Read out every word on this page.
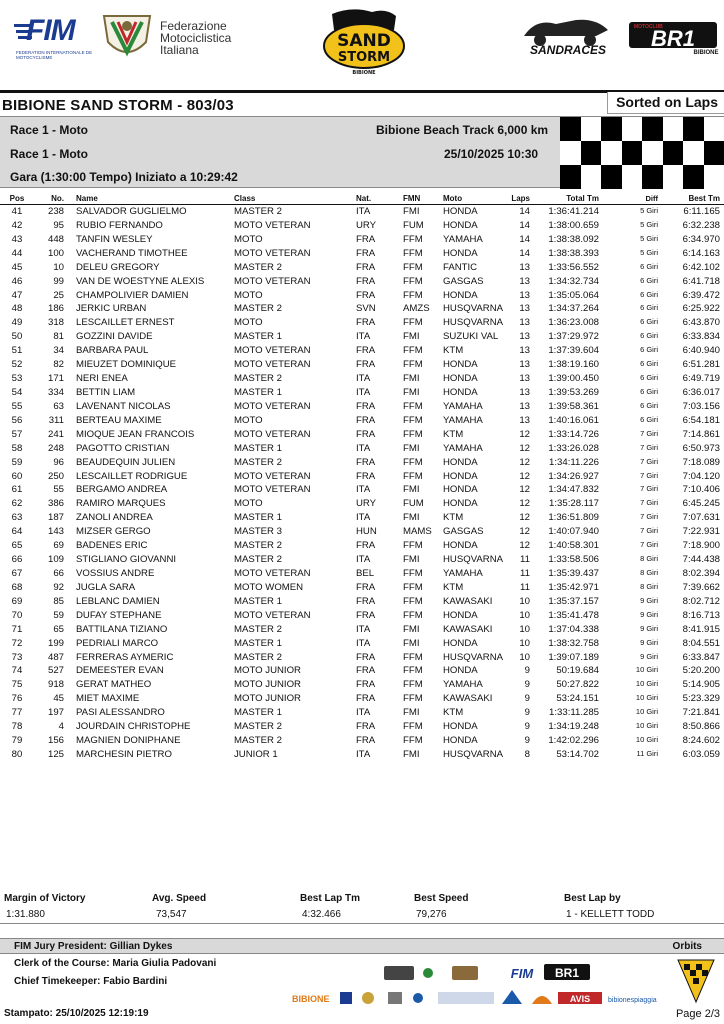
FIM
FEDERATION INTERNATIONALE DE MOTOCYCLISME
Federazione
Motociclistica
Italiana	SAND
STORM
BIBIONE
SANDRACES
MOTOCLUB
BR1
BIBIONE
BIBIONE SAND STORM - 803/03	Sorted on Laps
Race 1 - Moto
Race 1 - Moto
Gara (1:30:00 Tempo) Iniziato a 10:29:42
Bibione Beach Track 6,000 km
25/10/2025 10:30
Pos	No. Name	Class	Nat.	FMN	Moto	Laps	Total Tm	Diff	Best Tm
41	238 SALVADOR GUGLIELMO	MASTER 2	ITA	FMI HONDA	14	1:36:41.214	5 Giri	6:11.165
42	95 RUBIO FERNANDO	MOTO VETERAN	URY	FUM HONDA	14	1:38:00.659	5 Giri	6:32.238
43	448 TANFIN WESLEY	MOTO	FRA	FFM YAMAHA	14	1:38:38.092	5 Giri	6:34.970
44	100 VACHERAND TIMOTHEE	MOTO VETERAN	FRA	FFM HONDA	14	1:38:38.393	5 Giri	6:14.163
45	10 DELEU GREGORY	MASTER 2	FRA	FFM FANTIC	13	1:33:56.552	6 Giri	6:42.102
46	99 VAN DE WOESTYNE ALEXIS	MOTO VETERAN	FRA	FFM GASGAS	13	1:34:32.734	6 Giri	6:41.718
47	25 CHAMPOLIVIER DAMIEN	MOTO	FRA	FFM HONDA	13	1:35:05.064	6 Giri	6:39.472
48	186 JERKIC URBAN	MASTER 2	SVN	AMZS HUSQVARNA	13	1:34:37.264	6 Giri	6:25.922
49	318 LESCAILLET ERNEST	MOTO	FRA	FFM HUSQVARNA	13	1:36:23.008	6 Giri	6:43.870
50	81 GOZZINI DAVIDE	MASTER 1	ITA	FMI SUZUKI VAL	13	1:37:29.972	6 Giri	6:33.834
51	34 BARBARA PAUL	MOTO VETERAN	FRA	FFM KTM	13	1:37:39.604	6 Giri	6:40.940
52	82 MIEUZET DOMINIQUE	MOTO VETERAN	FRA	FFM HONDA	13	1:38:19.160	6 Giri	6:51.281
53	171 NERI ENEA	MASTER 2	ITA	FMI HONDA	13	1:39:00.450	6 Giri	6:49.719
54	334 BETTIN LIAM	MASTER 1	ITA	FMI HONDA	13	1:39:53.269	6 Giri	6:36.017
55	63 LAVENANT NICOLAS	MOTO VETERAN	FRA	FFM YAMAHA	13	1:39:58.361	6 Giri	7:03.156
56	311 BERTEAU MAXIME	MOTO	FRA	FFM YAMAHA	13	1:40:16.061	6 Giri	6:54.181
57	241 MIOQUE JEAN FRANCOIS	MOTO VETERAN	FRA	FFM KTM	12	1:33:14.726	7 Giri	7:14.861
58	248 PAGOTTO CRISTIAN	MASTER 1	ITA	FMI YAMAHA	12	1:33:26.028	7 Giri	6:50.973
59	96 BEAUDEQUIN JULIEN	MASTER 2	FRA	FFM HONDA	12	1:34:11.226	7 Giri	7:18.089
60	250 LESCAILLET RODRIGUE	MOTO VETERAN	FRA	FFM HONDA	12	1:34:26.927	7 Giri	7:04.120
61	55 BERGAMO ANDREA	MOTO VETERAN	ITA	FMI HONDA	12	1:34:47.832	7 Giri	7:10.406
62	386 RAMIRO MARQUES	MOTO	URY	FUM HONDA	12	1:35:28.117	7 Giri	6:45.245
63	187 ZANOLI ANDREA	MASTER 1	ITA	FMI KTM	12	1:36:51.809	7 Giri	7:07.631
64	143 MIZSER GERGO	MASTER 3	HUN	MAMS GASGAS	12	1:40:07.940	7 Giri	7:22.931
65	69 BADENES ERIC	MASTER 2	FRA	FFM HONDA	12	1:40:58.301	7 Giri	7:18.900
66	109 STIGLIANO GIOVANNI	MASTER 2	ITA	FMI HUSQVARNA	11	1:33:58.506	8 Giri	7:44.438
67	66 VOSSIUS ANDRE	MOTO VETERAN	BEL	FFM YAMAHA	11	1:35:39.437	8 Giri	8:02.394
68	92 JUGLA SARA	MOTO WOMEN	FRA	FFM KTM	11	1:35:42.971	8 Giri	7:39.662
69	85 LEBLANC DAMIEN	MASTER 1	FRA	FFM KAWASAKI	10	1:35:37.157	9 Giri	8:02.712
70	59 DUFAY STEPHANE	MOTO VETERAN	FRA	FFM HONDA	10	1:35:41.478	9 Giri	8:16.713
71	65 BATTILANA TIZIANO	MASTER 2	ITA	FMI KAWASAKI	10	1:37:04.338	9 Giri	8:41.915
72	199 PEDRIALI MARCO	MASTER 1	ITA	FMI HONDA	10	1:38:32.758	9 Giri	8:04.551
73	487 FERRERAS AYMERIC	MASTER 2	FRA	FFM HUSQVARNA	10	1:39:07.189	9 Giri	6:33.847
74	527 DEMEESTER EVAN	MOTO JUNIOR	FRA	FFM HONDA	9	50:19.684	10 Giri	5:20.200
75	918 GERAT MATHEO	MOTO JUNIOR	FRA	FFM YAMAHA	9	50:27.822	10 Giri	5:14.905
76	45 MIET MAXIME	MOTO JUNIOR	FRA	FFM KAWASAKI	9	53:24.151	10 Giri	5:23.329
77	197 PASI ALESSANDRO	MASTER 1	ITA	FMI KTM	9	1:33:11.285	10 Giri	7:21.841
78	4 JOURDAIN CHRISTOPHE	MASTER 2	FRA	FFM HONDA	9	1:34:19.248	10 Giri	8:50.866
79	156 MAGNIEN DONIPHANE	MASTER 2	FRA	FFM HONDA	9	1:42:02.296	10 Giri	8:24.602
80	125 MARCHESIN PIETRO	JUNIOR 1	ITA	FMI HUSQVARNA	8	53:14.702	11 Giri	6:03.059
Margin of Victory
1:31.880
Avg. Speed
73,547
Best Lap Tm
4:32.466
Best Speed
79,276
Best Lap by
1 - KELLETT TODD
FIM Jury President: Gillian Dykes	Orbits
Clerk of the Course: Maria Giulia Padovani
Chief Timekeeper: Fabio Bardini
FIM BR1
BIBIONE	AVIS	bibionespiaggia
Stampato: 25/10/2025 12:19:19	Page 2/3
